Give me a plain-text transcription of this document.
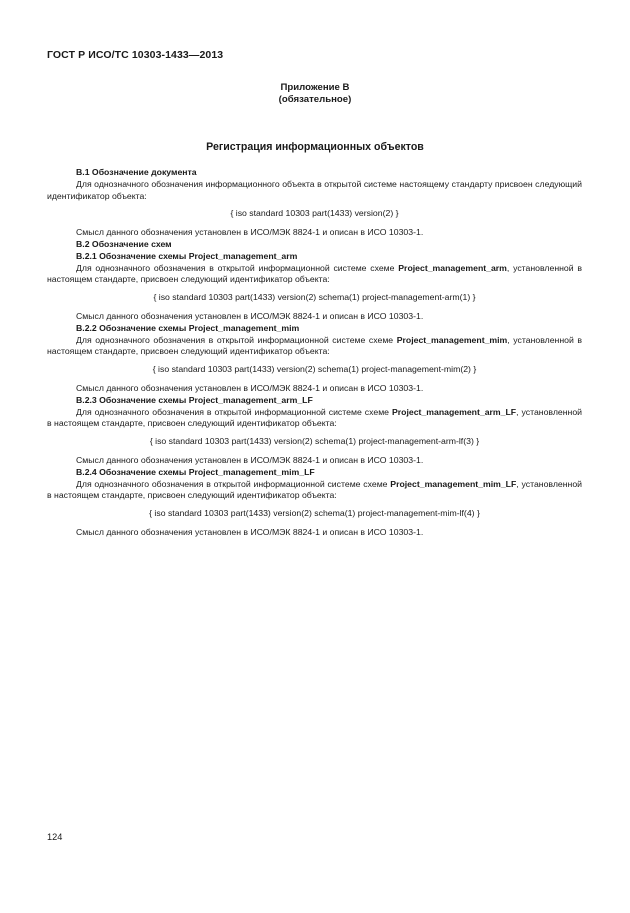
ГОСТ Р ИСО/ТС 10303-1433—2013
Приложение В
(обязательное)
Регистрация информационных объектов

В.1 Обозначение документа

Для однозначного обозначения информационного объекта в открытой системе настоящему стандарту присвоен следующий идентификатор объекта:

{ iso standard 10303 part(1433) version(2) }

Смысл данного обозначения установлен в ИСО/МЭК 8824-1 и описан в ИСО 10303-1.

В.2 Обозначение схем

В.2.1 Обозначение схемы Project_management_arm

Для однозначного обозначения в открытой информационной системе схеме Project_management_arm, установленной в настоящем стандарте, присвоен следующий идентификатор объекта:

{ iso standard 10303 part(1433) version(2) schema(1) project-management-arm(1) }

Смысл данного обозначения установлен в ИСО/МЭК 8824-1 и описан в ИСО 10303-1.

В.2.2 Обозначение схемы Project_management_mim

Для однозначного обозначения в открытой информационной системе схеме Project_management_mim, установленной в настоящем стандарте, присвоен следующий идентификатор объекта:

{ iso standard 10303 part(1433) version(2) schema(1) project-management-mim(2) }

Смысл данного обозначения установлен в ИСО/МЭК 8824-1 и описан в ИСО 10303-1.

В.2.3 Обозначение схемы Project_management_arm_LF

Для однозначного обозначения в открытой информационной системе схеме Project_management_arm_LF, установленной в настоящем стандарте, присвоен следующий идентификатор объекта:

{ iso standard 10303 part(1433) version(2) schema(1) project-management-arm-lf(3) }

Смысл данного обозначения установлен в ИСО/МЭК 8824-1 и описан в ИСО 10303-1.

В.2.4 Обозначение схемы Project_management_mim_LF

Для однозначного обозначения в открытой информационной системе схеме Project_management_mim_LF, установленной в настоящем стандарте, присвоен следующий идентификатор объекта:

{ iso standard 10303 part(1433) version(2) schema(1) project-management-mim-lf(4) }

Смысл данного обозначения установлен в ИСО/МЭК 8824-1 и описан в ИСО 10303-1.

124
